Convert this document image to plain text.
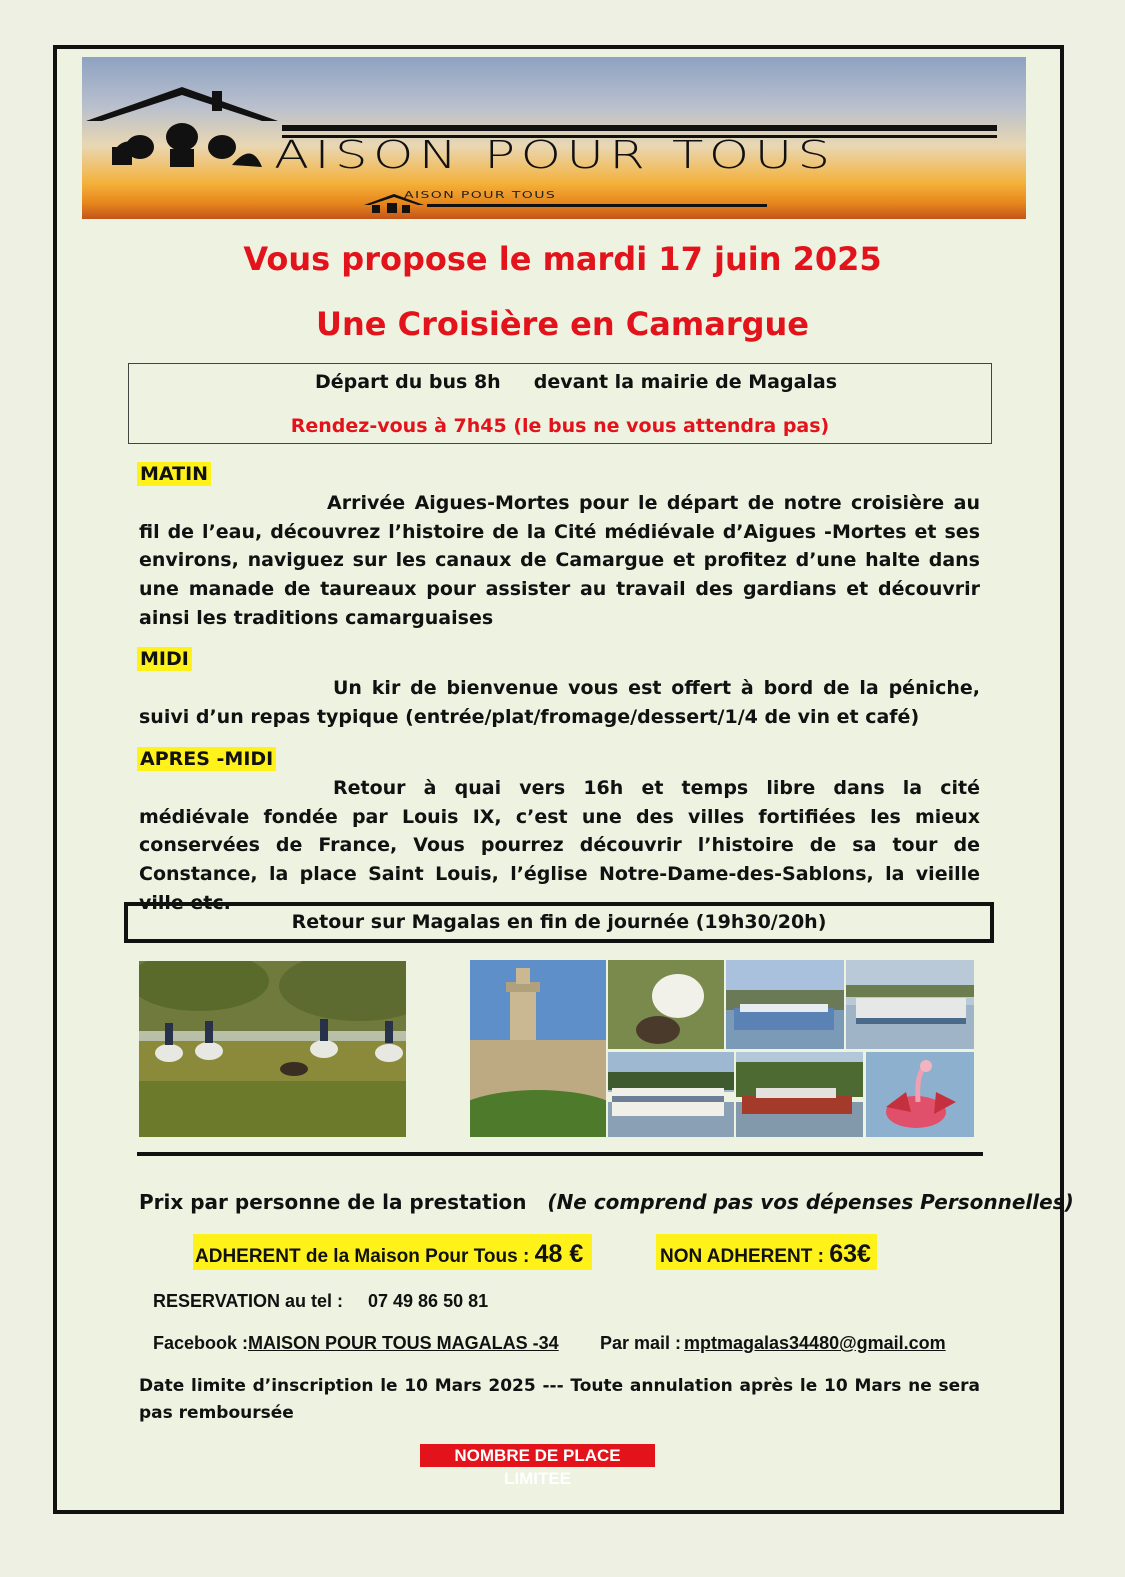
AISON POUR TOUS
AISON POUR TOUS
Vous propose le mardi 17 juin 2025
Une Croisière en Camargue
Départ du bus 8h     devant la mairie de Magalas
Rendez-vous à 7h45 (le bus ne vous attendra pas)
MATIN
Arrivée Aigues-Mortes pour le départ de notre croisière au fil de l’eau, découvrez l’histoire de la Cité médiévale d’Aigues -Mortes et ses environs, naviguez sur les canaux de Camargue et profitez d’une halte dans une manade de taureaux pour assister au travail des gardians et découvrir ainsi les traditions camarguaises
MIDI
Un kir de bienvenue vous est offert à bord de la péniche, suivi d’un repas typique (entrée/plat/fromage/dessert/1/4 de vin et café)
APRES -MIDI
Retour à quai vers 16h et temps libre dans la cité médiévale fondée par Louis IX, c’est une des villes fortifiées les mieux conservées de France, Vous pourrez découvrir l’histoire de sa tour de Constance, la place Saint Louis, l’église Notre-Dame-des-Sablons, la vieille ville etc.
Retour sur Magalas en fin de journée (19h30/20h)
Prix par personne de la prestation (Ne comprend pas vos dépenses Personnelles)
ADHERENT de la Maison Pour Tous : 48 €	NON ADHERENT : 63€
RESERVATION au tel : 07 49 86 50 81
Facebook : MAISON POUR TOUS MAGALAS -34 Par mail : mptmagalas34480@gmail.com
Date limite d’inscription le 10 Mars 2025 --- Toute annulation après le 10 Mars ne sera pas remboursée
NOMBRE DE PLACE LIMITEE
